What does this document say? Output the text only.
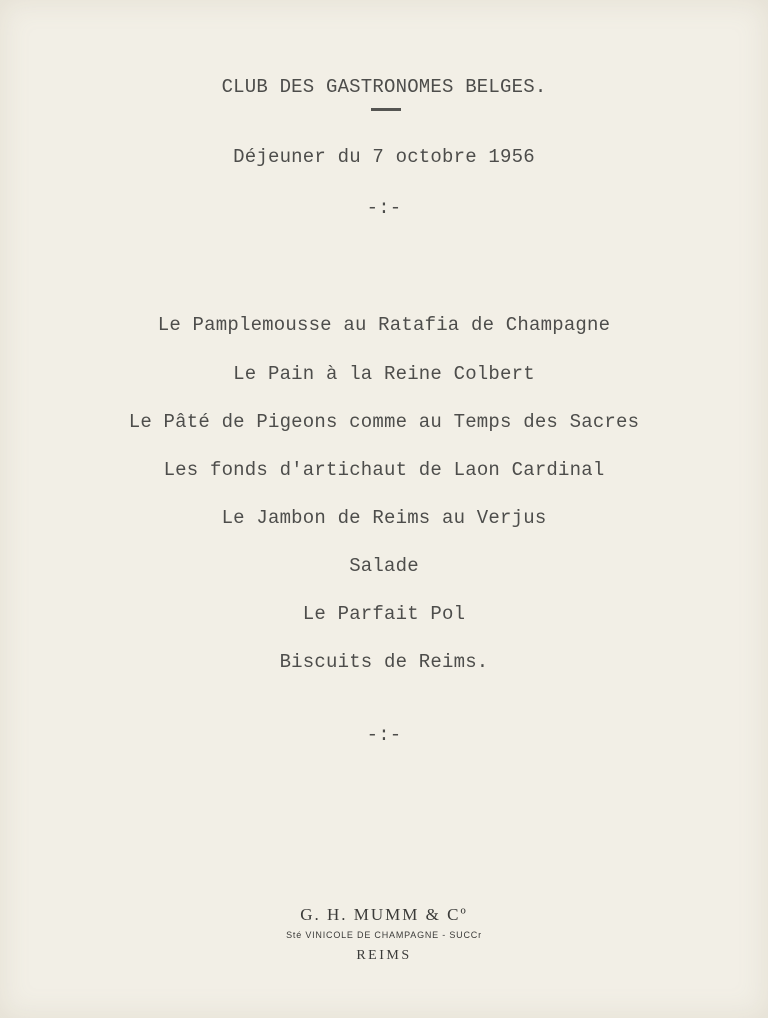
CLUB DES GASTRONOMES BELGES.
Déjeuner du 7 octobre 1956
-:-
Le Pamplemousse au Ratafia de Champagne
Le Pain à la Reine Colbert
Le Pâté de Pigeons comme au Temps des Sacres
Les fonds d'artichaut de Laon Cardinal
Le Jambon de Reims au Verjus
Salade
Le Parfait Pol
Biscuits de Reims.
-:-
G. H. MUMM & Cº
Sté VINICOLE DE CHAMPAGNE - SUCCr
REIMS
